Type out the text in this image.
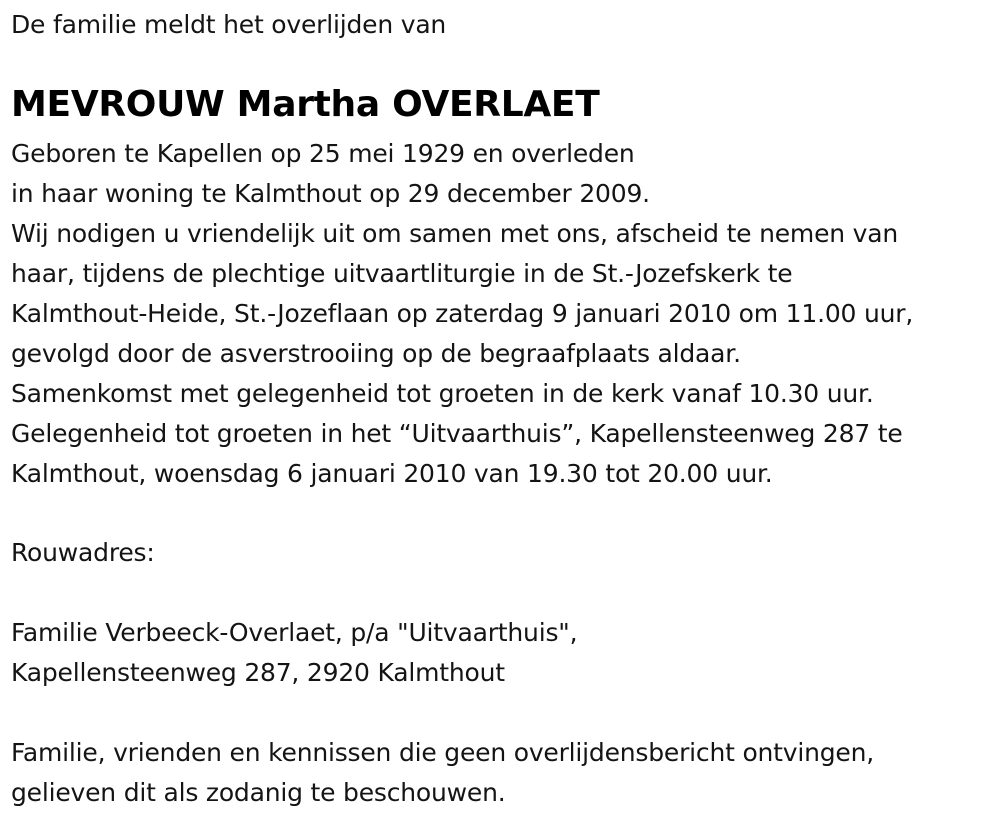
De familie meldt het overlijden van
MEVROUW Martha OVERLAET
Geboren te Kapellen op 25 mei 1929 en overleden
in haar woning te Kalmthout op 29 december 2009.
Wij nodigen u vriendelijk uit om samen met ons, afscheid te nemen van
haar, tijdens de plechtige uitvaartliturgie in de St.-Jozefskerk te
Kalmthout-Heide, St.-Jozeflaan op zaterdag 9 januari 2010 om 11.00 uur,
gevolgd door de asverstrooiing op de begraafplaats aldaar.
Samenkomst met gelegenheid tot groeten in de kerk vanaf 10.30 uur.
Gelegenheid tot groeten in het “Uitvaarthuis”, Kapellensteenweg 287 te
Kalmthout, woensdag 6 januari 2010 van 19.30 tot 20.00 uur.
Rouwadres:
Familie Verbeeck-Overlaet, p/a "Uitvaarthuis",
Kapellensteenweg 287, 2920 Kalmthout
Familie, vrienden en kennissen die geen overlijdensbericht ontvingen,
gelieven dit als zodanig te beschouwen.
